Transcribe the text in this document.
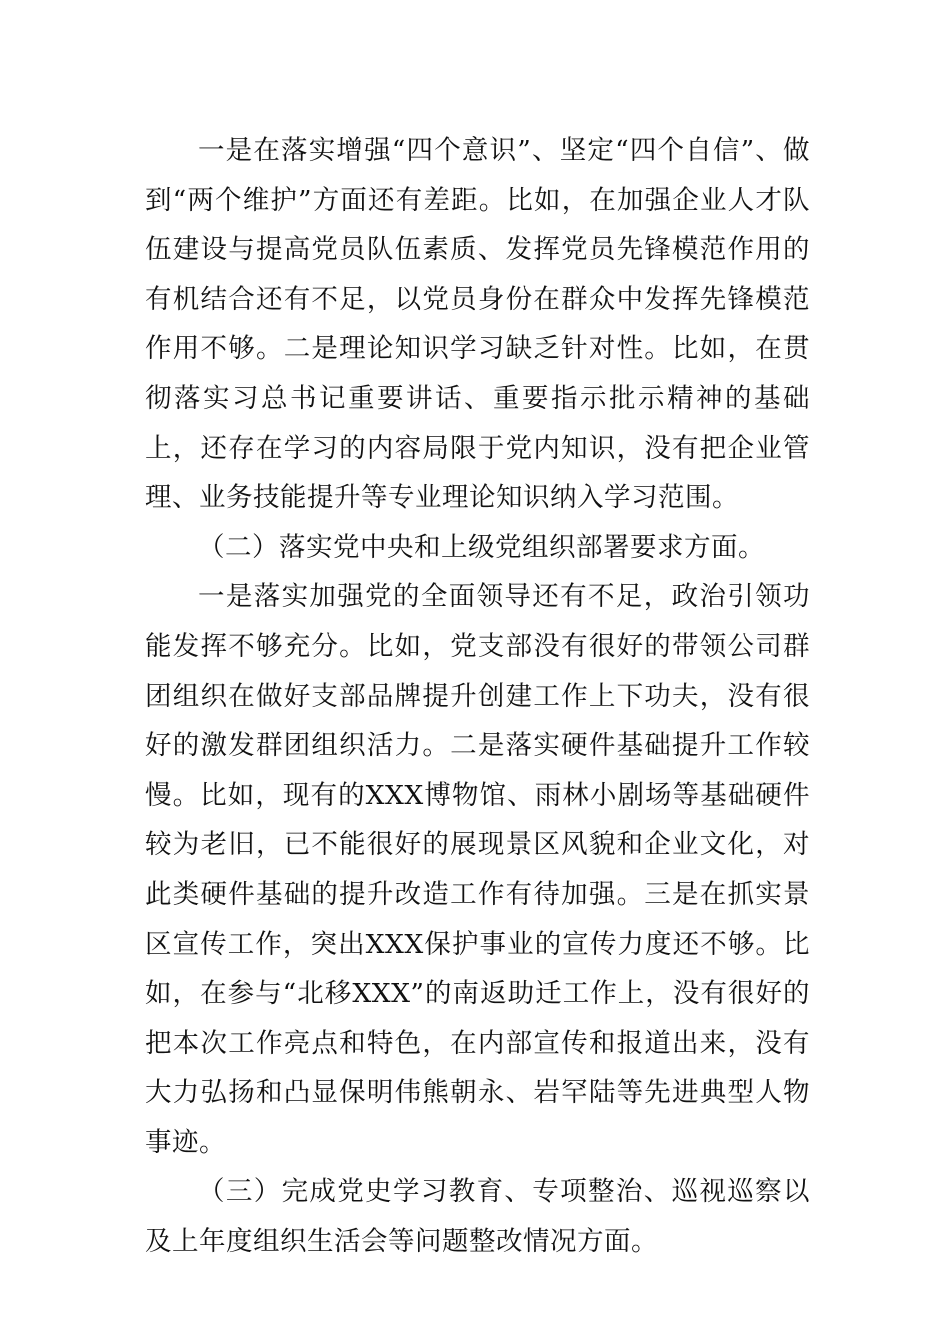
一是在落实增强“四个意识”、坚定“四个自信”、做到“两个维护”方面还有差距。比如，在加强企业人才队伍建设与提高党员队伍素质、发挥党员先锋模范作用的有机结合还有不足，以党员身份在群众中发挥先锋模范作用不够。二是理论知识学习缺乏针对性。比如，在贯彻落实习总书记重要讲话、重要指示批示精神的基础上，还存在学习的内容局限于党内知识，没有把企业管理、业务技能提升等专业理论知识纳入学习范围。

（二）落实党中央和上级党组织部署要求方面。

一是落实加强党的全面领导还有不足，政治引领功能发挥不够充分。比如，党支部没有很好的带领公司群团组织在做好支部品牌提升创建工作上下功夫，没有很好的激发群团组织活力。二是落实硬件基础提升工作较慢。比如，现有的XXX博物馆、雨林小剧场等基础硬件较为老旧，已不能很好的展现景区风貌和企业文化，对此类硬件基础的提升改造工作有待加强。三是在抓实景区宣传工作，突出XXX保护事业的宣传力度还不够。比如，在参与“北移XXX”的南返助迁工作上，没有很好的把本次工作亮点和特色，在内部宣传和报道出来，没有大力弘扬和凸显保明伟熊朝永、岩罕陆等先进典型人物事迹。

（三）完成党史学习教育、专项整治、巡视巡察以及上年度组织生活会等问题整改情况方面。
